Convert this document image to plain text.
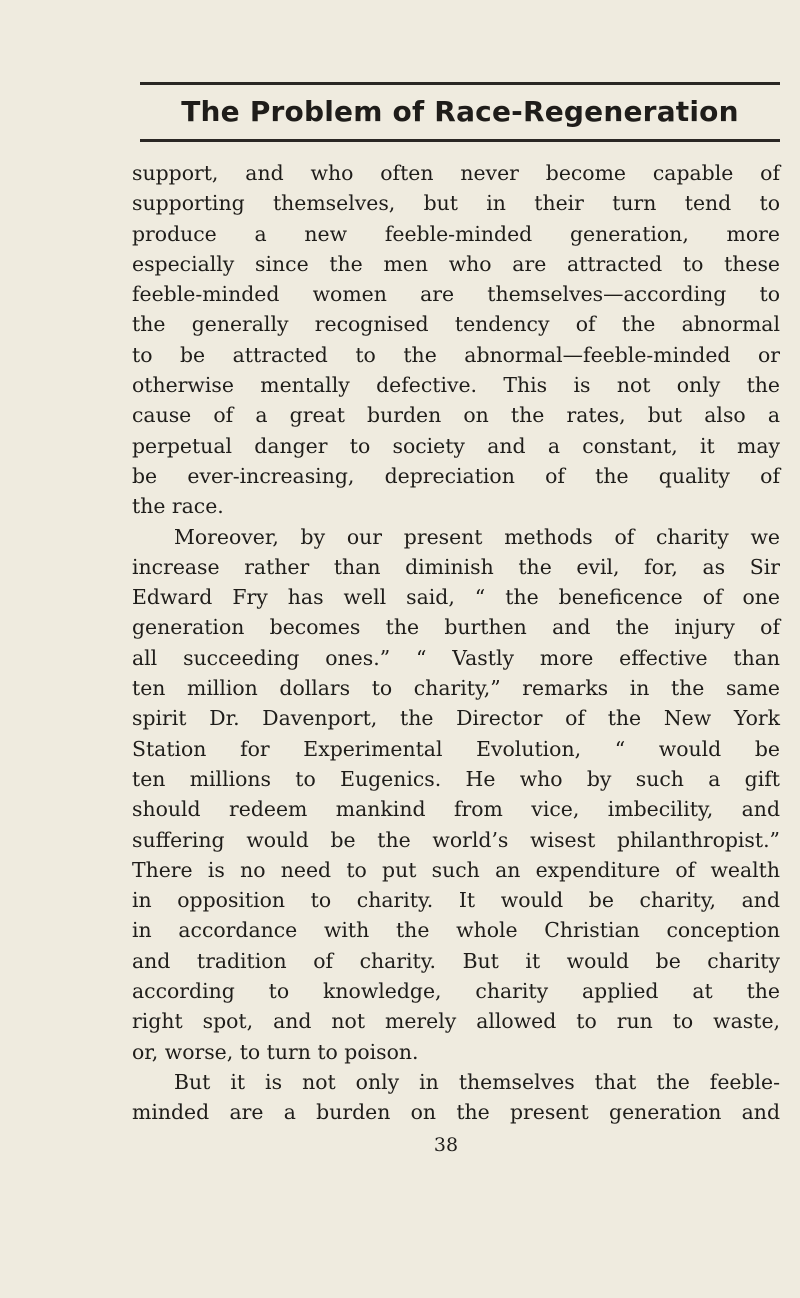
The Problem of Race-Regeneration

support, and who often never become capable of

supporting themselves, but in their turn tend to

produce a new feeble-minded generation, more

especially since the men who are attracted to these

feeble-minded women are themselves—according to

the generally recognised tendency of the abnormal

to be attracted to the abnormal—feeble-minded or

otherwise mentally defective. This is not only the

cause of a great burden on the rates, but also a

perpetual danger to society and a constant, it may

be ever-increasing, depreciation of the quality of

the race.

Moreover, by our present methods of charity we

increase rather than diminish the evil, for, as Sir

Edward Fry has well said, “ the beneficence of one

generation becomes the burthen and the injury of

all succeeding ones.” “ Vastly more effective than

ten million dollars to charity,” remarks in the same

spirit Dr. Davenport, the Director of the New York

Station for Experimental Evolution, “ would be

ten millions to Eugenics. He who by such a gift

should redeem mankind from vice, imbecility, and

suffering would be the world’s wisest philanthropist.”

There is no need to put such an expenditure of wealth

in opposition to charity. It would be charity, and

in accordance with the whole Christian conception

and tradition of charity. But it would be charity

according to knowledge, charity applied at the

right spot, and not merely allowed to run to waste,

or, worse, to turn to poison.

But it is not only in themselves that the feeble-

minded are a burden on the present generation and

38
